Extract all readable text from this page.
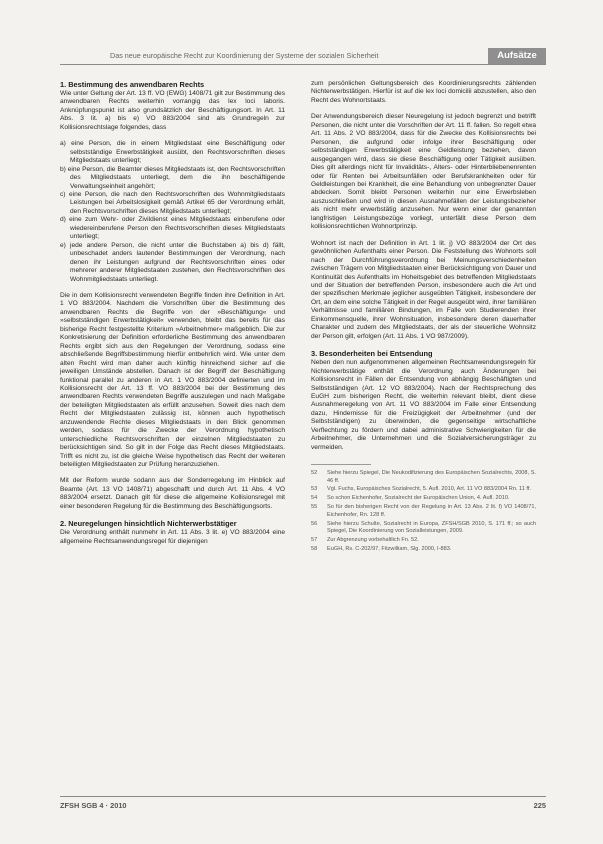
Das neue europäische Recht zur Koordinierung der Systeme der sozialen Sicherheit	Aufsätze
1. Bestimmung des anwendbaren Rechts

Wie unter Geltung der Art. 13 ff. VO (EWG) 1408/71 gilt zur Bestimmung des anwendbaren Rechts weiterhin vorrangig das lex loci laboris. Anknüpfungspunkt ist also grundsätzlich der Beschäftigungsort. In Art. 11 Abs. 3 lit. a) bis e) VO 883/2004 sind als Grundregeln zur Kollisionsrechtslage folgendes, dass

a) eine Person, die in einem Mitgliedstaat eine Beschäftigung oder selbstständige Erwerbstätigkeit ausübt, den Rechtsvorschriften dieses Mitgliedstaats unterliegt;
b) eine Person, die Beamter dieses Mitgliedstaats ist, den Rechtsvorschriften des Mitgliedstaats unterliegt, dem die ihn beschäftigende Verwaltungseinheit angehört;
c) eine Person, die nach den Rechtsvorschriften des Wohnmitgliedstaats Leistungen bei Arbeitslosigkeit gemäß Artikel 65 der Verordnung erhält, den Rechtsvorschriften dieses Mitgliedstaats unterliegt;
d) eine zum Wehr- oder Zivildienst eines Mitgliedstaats einberufene oder wiedereinberufene Person den Rechtsvorschriften dieses Mitgliedstaats unterliegt;
e) jede andere Person, die nicht unter die Buchstaben a) bis d) fällt, unbeschadet anders lautender Bestimmungen der Verordnung, nach denen ihr Leistungen aufgrund der Rechtsvorschriften eines oder mehrerer anderer Mitgliedstaaten zustehen, den Rechtsvorschriften des Wohnmitgliedstaats unterliegt.

Die in dem Kollisionsrecht verwendeten Begriffe finden ihre Definition in Art. 1 VO 883/2004. Nachdem die Vorschriften über die Bestimmung des anwendbaren Rechts die Begriffe von der »Beschäftigung« und »selbstständigen Erwerbstätigkeit« verwenden, bleibt das bereits für das bisherige Recht festgestellte Kriterium »Arbeitnehmer« maßgeblich. Die zur Konkretisierung der Definition erforderliche Bestimmung des anwendbaren Rechts ergibt sich aus den Regelungen der Verordnung, sodass eine abschließende Begriffsbestimmung hierfür entbehrlich wird. Wie unter dem alten Recht wird man daher auch künftig hinreichend sicher auf die jeweiligen Umstände abstellen. Danach ist der Begriff der Beschäftigung funktional parallel zu anderen in Art. 1 VO 883/2004 definierten und im Kollisionsrecht der Art. 13 ff. VO 883/2004 bei der Bestimmung des anwendbaren Rechts verwendeten Begriffe auszulegen und nach Maßgabe der beteiligten Mitgliedstaaten als erfüllt anzusehen. Soweit dies nach dem Recht der Mitgliedstaaten zulässig ist, können auch hypothetisch anzuwendende Rechte dieses Mitgliedstaats in den Blick genommen werden, sodass für die Zwecke der Verordnung hypothetisch unterschiedliche Rechtsvorschriften der einzelnen Mitgliedstaaten zu berücksichtigen sind. So gilt in der Folge das Recht dieses Mitgliedstaats. Trifft es nicht zu, ist die gleiche Weise hypothetisch das Recht der weiteren beteiligten Mitgliedstaaten zur Prüfung heranzuziehen.

Mit der Reform wurde sodann aus der Sonderregelung im Hinblick auf Beamte (Art. 13 VO 1408/71) abgeschafft und durch Art. 11 Abs. 4 VO 883/2004 ersetzt. Danach gilt für diese die allgemeine Kollisionsregel mit einer besonderen Regelung für die Bestimmung des Beschäftigungsorts.

2. Neuregelungen hinsichtlich Nichterwerbstätiger

Die Verordnung enthält nunmehr in Art. 11 Abs. 3 lit. e) VO 883/2004 eine allgemeine Rechtsanwendungsregel für diejenigen

zum persönlichen Geltungsbereich des Koordinierungsrechts zählenden Nichterwerbstätigen. Hierfür ist auf die lex loci domicilii abzustellen, also den Recht des Wohnortstaats.

Der Anwendungsbereich dieser Neuregelung ist jedoch begrenzt und betrifft Personen, die nicht unter die Vorschriften der Art. 11 ff. fallen. So regelt etwa Art. 11 Abs. 2 VO 883/2004, dass für die Zwecke des Kollisionsrechts bei Personen, die aufgrund oder infolge ihrer Beschäftigung oder selbstständigen Erwerbstätigkeit eine Geldleistung beziehen, davon ausgegangen wird, dass sie diese Beschäftigung oder Tätigkeit ausüben. Dies gilt allerdings nicht für Invaliditäts-, Alters- oder Hinterbliebenenrenten oder für Renten bei Arbeitsunfällen oder Berufskrankheiten oder für Geldleistungen bei Krankheit, die eine Behandlung von unbegrenzter Dauer abdecken. Somit bleibt Personen weiterhin nur eine Erwerbsleben auszuschließen und wird in diesen Ausnahmefällen der Leistungsbezieher als nicht mehr erwerbstätig anzusehen. Nur wenn einer der genannten langfristigen Leistungsbezüge vorliegt, unterfällt diese Person dem kollisionsrechtlichen Wohnortprinzip.

Wohnort ist nach der Definition in Art. 1 lit. j) VO 883/2004 der Ort des gewöhnlichen Aufenthalts einer Person. Die Feststellung des Wohnorts soll nach der Durchführungsverordnung bei Meinungsverschiedenheiten zwischen Trägern von Mitgliedstaaten einer Berücksichtigung von Dauer und Kontinuität des Aufenthalts im Hoheitsgebiet des betreffenden Mitgliedstaats und der Situation der betreffenden Person, insbesondere auch die Art und der spezifischen Merkmale jeglicher ausgeübten Tätigkeit, insbesondere der Ort, an dem eine solche Tätigkeit in der Regel ausgeübt wird, ihrer familiären Verhältnisse und familiären Bindungen, im Falle von Studierenden ihrer Einkommensquelle, ihrer Wohnsituation, insbesondere deren dauerhafter Charakter und zudem des Mitgliedstaats, der als der steuerliche Wohnsitz der Person gilt, erfolgen (Art. 11 Abs. 1 VO 987/2009).

3. Besonderheiten bei Entsendung

Neben den nun aufgenommenen allgemeinen Rechtsanwendungsregeln für Nichterwerbstätige enthält die Verordnung auch Änderungen bei Kollisionsrecht in Fällen der Entsendung von abhängig Beschäftigten und Selbstständigen (Art. 12 VO 883/2004). Nach der Rechtsprechung des EuGH zum bisherigen Recht, die weiterhin relevant bleibt, dient diese Ausnahmeregelung von Art. 11 VO 883/2004 im Falle einer Entsendung dazu, Hindernisse für die Freizügigkeit der Arbeitnehmer (und der Selbstständigen) zu überwinden, die gegenseitige wirtschaftliche Verflechtung zu fördern und dabei administrative Schwierigkeiten für die Arbeitnehmer, die Unternehmen und die Sozialversicherungsträger zu vermeiden.

52	Siehe hierzu Spiegel, Die Neukodifizierung des Europäischen Sozialrechts, 2008, S. 46 ff.
53	Vgl. Fuchs, Europäisches Sozialrecht, 5. Aufl. 2010, Art. 11 VO 883/2004 Rn. 11 ff.
54	So schon Eichenhofer, Sozialrecht der Europäischen Union, 4. Aufl. 2010.
55	So für den bisherigen Recht von der Regelung in Art. 13 Abs. 2 lit. f) VO 1408/71, Eichenhofer, Rn. 128 ff.
56	Siehe hierzu Schulte, Sozialrecht in Europa, ZFSH/SGB 2010, S. 171 ff.; so auch Spiegel, Die Koordinierung von Sozialleistungen, 2009.
57	Zur Abgrenzung vorbehaltlich Fn. 52.
58	EuGH, Rs. C-202/97, Fitzwilliam, Slg. 2000, I-883.
ZFSH SGB 4 · 2010	225
